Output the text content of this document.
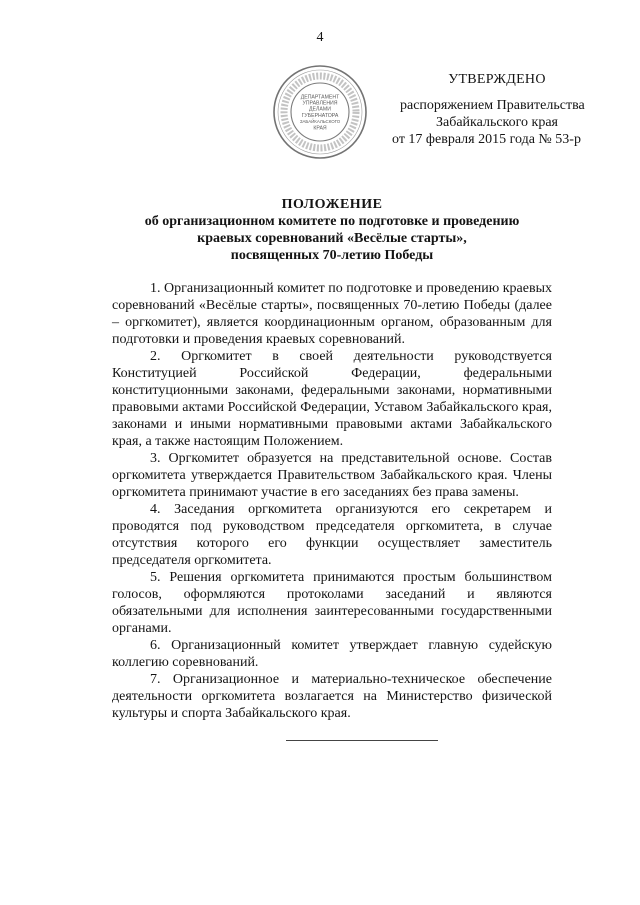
4
ДЕПАРТАМЕНТ
УПРАВЛЕНИЯ
ДЕЛАМИ
ГУБЕРНАТОРА
ЗАБАЙКАЛЬСКОГО
КРАЯ
УТВЕРЖДЕНО
распоряжением Правительства
Забайкальского края
от 17 февраля 2015 года № 53-р
ПОЛОЖЕНИЕ
об организационном комитете по подготовке и проведению
краевых соревнований «Весёлые старты»,
посвященных 70-летию Победы

1. Организационный комитет по подготовке и проведению краевых соревнований «Весёлые старты», посвященных 70-летию Победы (далее – оргкомитет), является координационным органом, образованным для подготовки и проведения краевых соревнований.

2. Оргкомитет в своей деятельности руководствуется Конституцией Российской Федерации, федеральными конституционными законами, федеральными законами, нормативными правовыми актами Российской Федерации, Уставом Забайкальского края, законами и иными нормативными правовыми актами Забайкальского края, а также настоящим Положением.

3. Оргкомитет образуется на представительной основе. Состав оргкомитета утверждается Правительством Забайкальского края. Члены оргкомитета принимают участие в его заседаниях без права замены.

4. Заседания оргкомитета организуются его секретарем и проводятся под руководством председателя оргкомитета, в случае отсутствия которого его функции осуществляет заместитель председателя оргкомитета.

5. Решения оргкомитета принимаются простым большинством голосов, оформляются протоколами заседаний и являются обязательными для исполнения заинтересованными государственными органами.

6. Организационный комитет утверждает главную судейскую коллегию соревнований.

7. Организационное и материально-техническое обеспечение деятельности оргкомитета возлагается на Министерство физической культуры и спорта Забайкальского края.
